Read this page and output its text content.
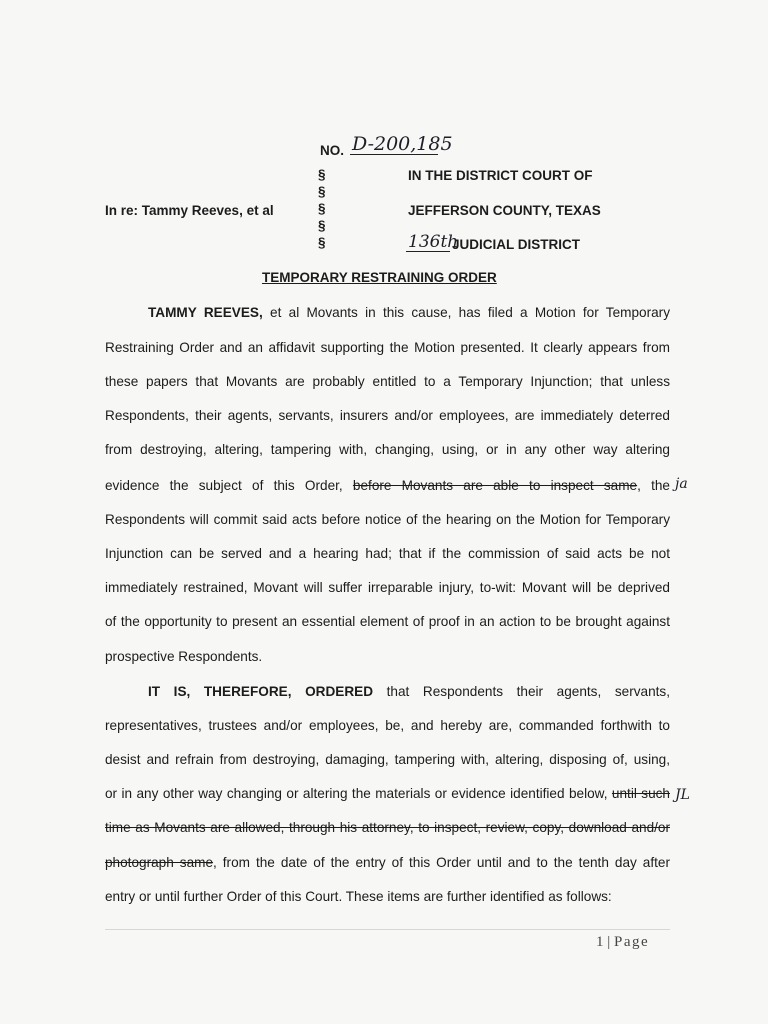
NO. D-200,185
§
§
§
§
§
In re: Tammy Reeves, et al
IN THE DISTRICT COURT OF
JEFFERSON COUNTY, TEXAS
136th
JUDICIAL DISTRICT
TEMPORARY RESTRAINING ORDER
TAMMY REEVES, et al Movants in this cause, has filed a Motion for Temporary
Restraining Order and an affidavit supporting the Motion presented. It clearly appears from
these papers that Movants are probably entitled to a Temporary Injunction; that unless
Respondents, their agents, servants, insurers and/or employees, are immediately deterred
from destroying, altering, tampering with, changing, using, or in any other way altering
evidence the subject of this Order, before Movants are able to inspect same, the ja
Respondents will commit said acts before notice of the hearing on the Motion for Temporary
Injunction can be served and a hearing had; that if the commission of said acts be not
immediately restrained, Movant will suffer irreparable injury, to-wit: Movant will be deprived
of the opportunity to present an essential element of proof in an action to be brought against
prospective Respondents.
IT IS, THEREFORE, ORDERED that Respondents their agents, servants,
representatives, trustees and/or employees, be, and hereby are, commanded forthwith to
desist and refrain from destroying, damaging, tampering with, altering, disposing of, using,
or in any other way changing or altering the materials or evidence identified below, until such JL
time as Movants are allowed, through his attorney, to inspect, review, copy, download and/or
photograph same, from the date of the entry of this Order until and to the tenth day after
entry or until further Order of this Court. These items are further identified as follows:
1 | Page
